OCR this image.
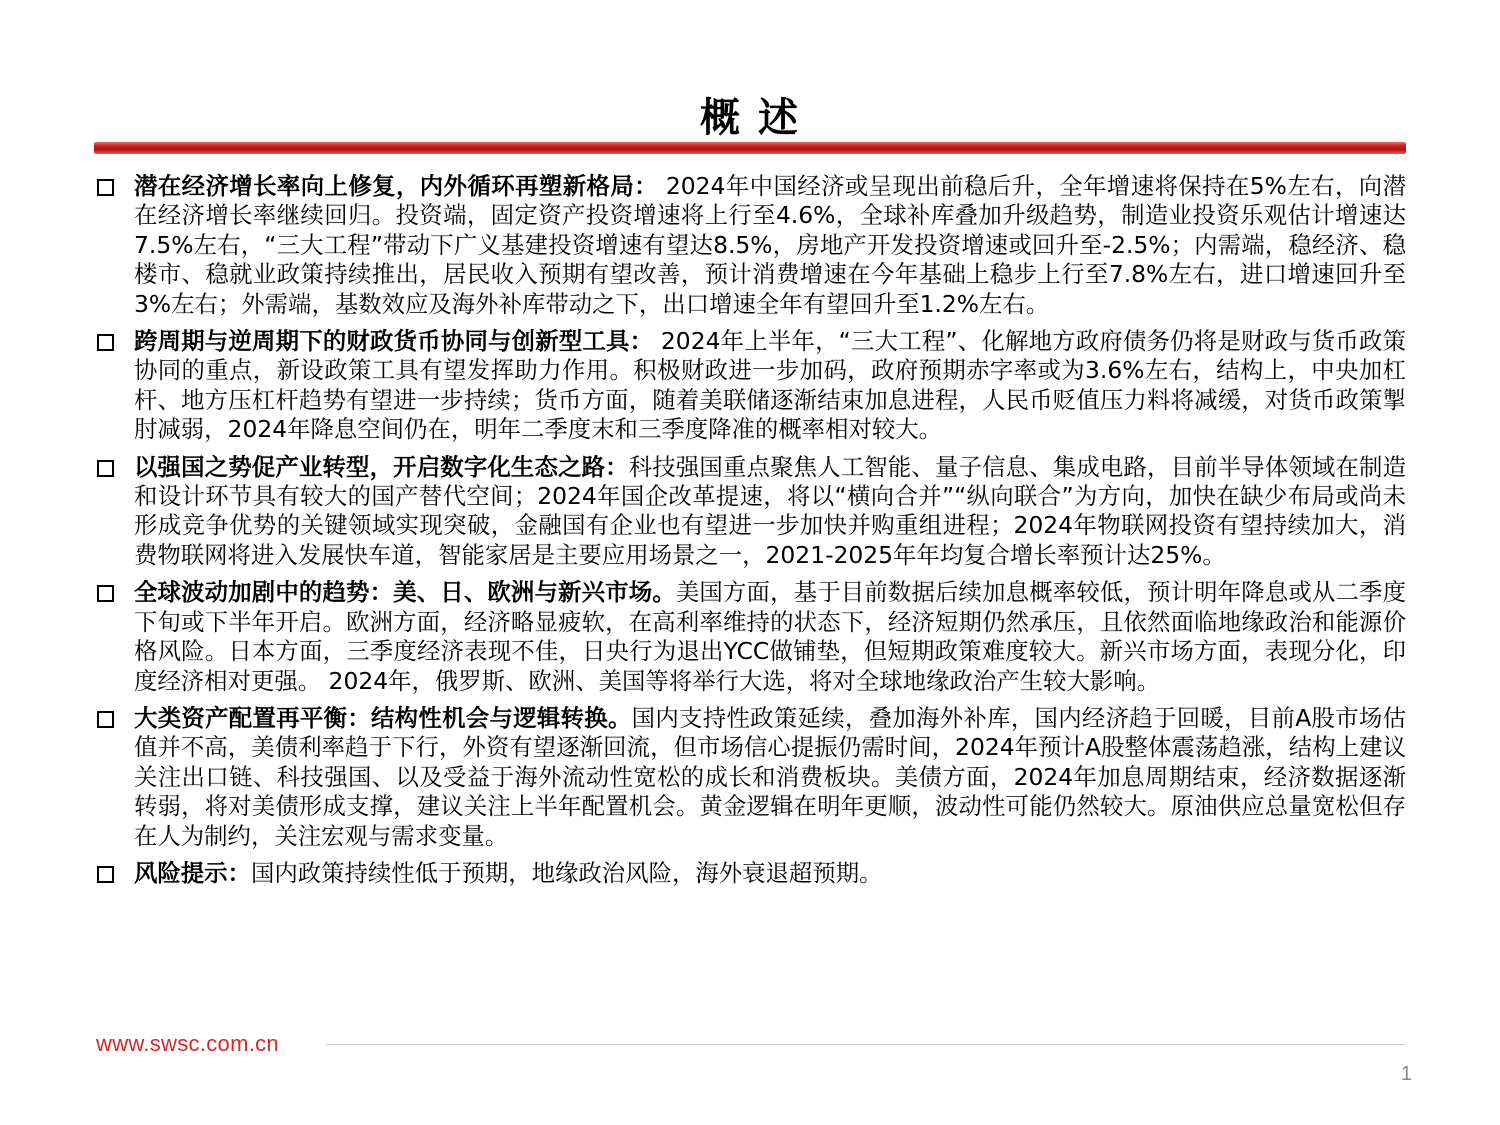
概 述
潜在经济增长率向上修复，内外循环再塑新格局： 2024年中国经济或呈现出前稳后升，全年增速将保持在5%左右，向潜在经济增长率继续回归。投资端，固定资产投资增速将上行至4.6%，全球补库叠加升级趋势，制造业投资乐观估计增速达7.5%左右，“三大工程”带动下广义基建投资增速有望达8.5%，房地产开发投资增速或回升至-2.5%；内需端，稳经济、稳楼市、稳就业政策持续推出，居民收入预期有望改善，预计消费增速在今年基础上稳步上行至7.8%左右，进口增速回升至3%左右；外需端，基数效应及海外补库带动之下，出口增速全年有望回升至1.2%左右。
跨周期与逆周期下的财政货币协同与创新型工具： 2024年上半年，“三大工程”、化解地方政府债务仍将是财政与货币政策协同的重点，新设政策工具有望发挥助力作用。积极财政进一步加码，政府预期赤字率或为3.6%左右，结构上，中央加杠杆、地方压杠杆趋势有望进一步持续；货币方面，随着美联储逐渐结束加息进程，人民币贬值压力料将减缓，对货币政策掣肘减弱，2024年降息空间仍在，明年二季度末和三季度降准的概率相对较大。
以强国之势促产业转型，开启数字化生态之路：科技强国重点聚焦人工智能、量子信息、集成电路，目前半导体领域在制造和设计环节具有较大的国产替代空间；2024年国企改革提速，将以“横向合并”“纵向联合”为方向，加快在缺少布局或尚未形成竞争优势的关键领域实现突破，金融国有企业也有望进一步加快并购重组进程；2024年物联网投资有望持续加大，消费物联网将进入发展快车道，智能家居是主要应用场景之一，2021-2025年年均复合增长率预计达25%。
全球波动加剧中的趋势：美、日、欧洲与新兴市场。美国方面，基于目前数据后续加息概率较低，预计明年降息或从二季度下旬或下半年开启。欧洲方面，经济略显疲软，在高利率维持的状态下，经济短期仍然承压，且依然面临地缘政治和能源价格风险。日本方面，三季度经济表现不佳，日央行为退出YCC做铺垫，但短期政策难度较大。新兴市场方面，表现分化，印度经济相对更强。 2024年，俄罗斯、欧洲、美国等将举行大选，将对全球地缘政治产生较大影响。
大类资产配置再平衡：结构性机会与逻辑转换。国内支持性政策延续，叠加海外补库，国内经济趋于回暖，目前A股市场估值并不高，美债利率趋于下行，外资有望逐渐回流，但市场信心提振仍需时间，2024年预计A股整体震荡趋涨，结构上建议关注出口链、科技强国、以及受益于海外流动性宽松的成长和消费板块。美债方面，2024年加息周期结束，经济数据逐渐转弱，将对美债形成支撑，建议关注上半年配置机会。黄金逻辑在明年更顺，波动性可能仍然较大。原油供应总量宽松但存在人为制约，关注宏观与需求变量。
风险提示：国内政策持续性低于预期，地缘政治风险，海外衰退超预期。
www.swsc.com.cn
1
